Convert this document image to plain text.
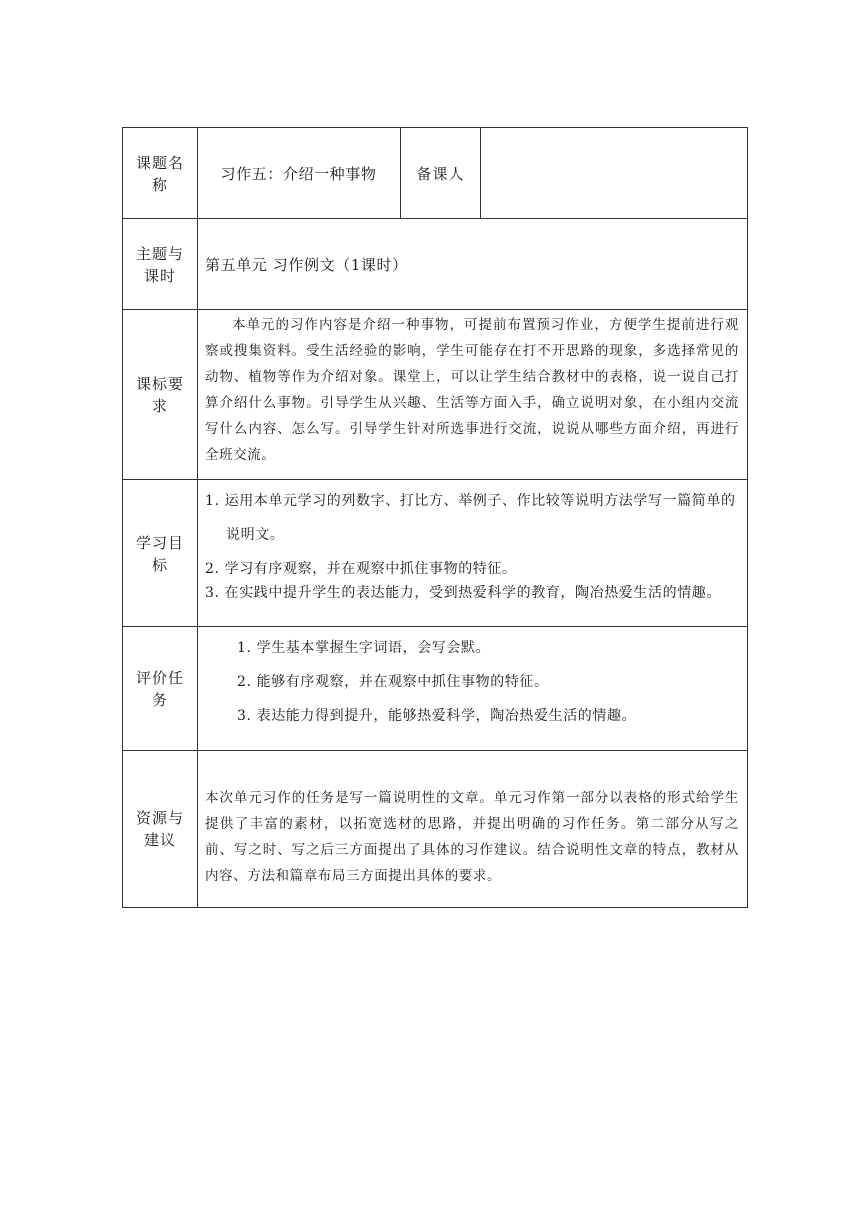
课题名称
习作五：介绍一种事物	备课人
主题与课时
第五单元 习作例文（1课时）
课标要求
本单元的习作内容是介绍一种事物，可提前布置预习作业，方便学生提前进行观察或搜集资料。受生活经验的影响，学生可能存在打不开思路的现象，多选择常见的动物、植物等作为介绍对象。课堂上，可以让学生结合教材中的表格，说一说自己打算介绍什么事物。引导学生从兴趣、生活等方面入手，确立说明对象，在小组内交流写什么内容、怎么写。引导学生针对所选事进行交流，说说从哪些方面介绍，再进行全班交流。
学习目标
1. 运用本单元学习的列数字、打比方、举例子、作比较等说明方法学写一篇简单的说明文。
2. 学习有序观察，并在观察中抓住事物的特征。
3. 在实践中提升学生的表达能力，受到热爱科学的教育，陶冶热爱生活的情趣。
评价任务
1. 学生基本掌握生字词语，会写会默。
2. 能够有序观察，并在观察中抓住事物的特征。
3. 表达能力得到提升，能够热爱科学，陶冶热爱生活的情趣。
资源与建议
本次单元习作的任务是写一篇说明性的文章。单元习作第一部分以表格的形式给学生提供了丰富的素材，以拓宽选材的思路，并提出明确的习作任务。第二部分从写之前、写之时、写之后三方面提出了具体的习作建议。结合说明性文章的特点，教材从内容、方法和篇章布局三方面提出具体的要求。
